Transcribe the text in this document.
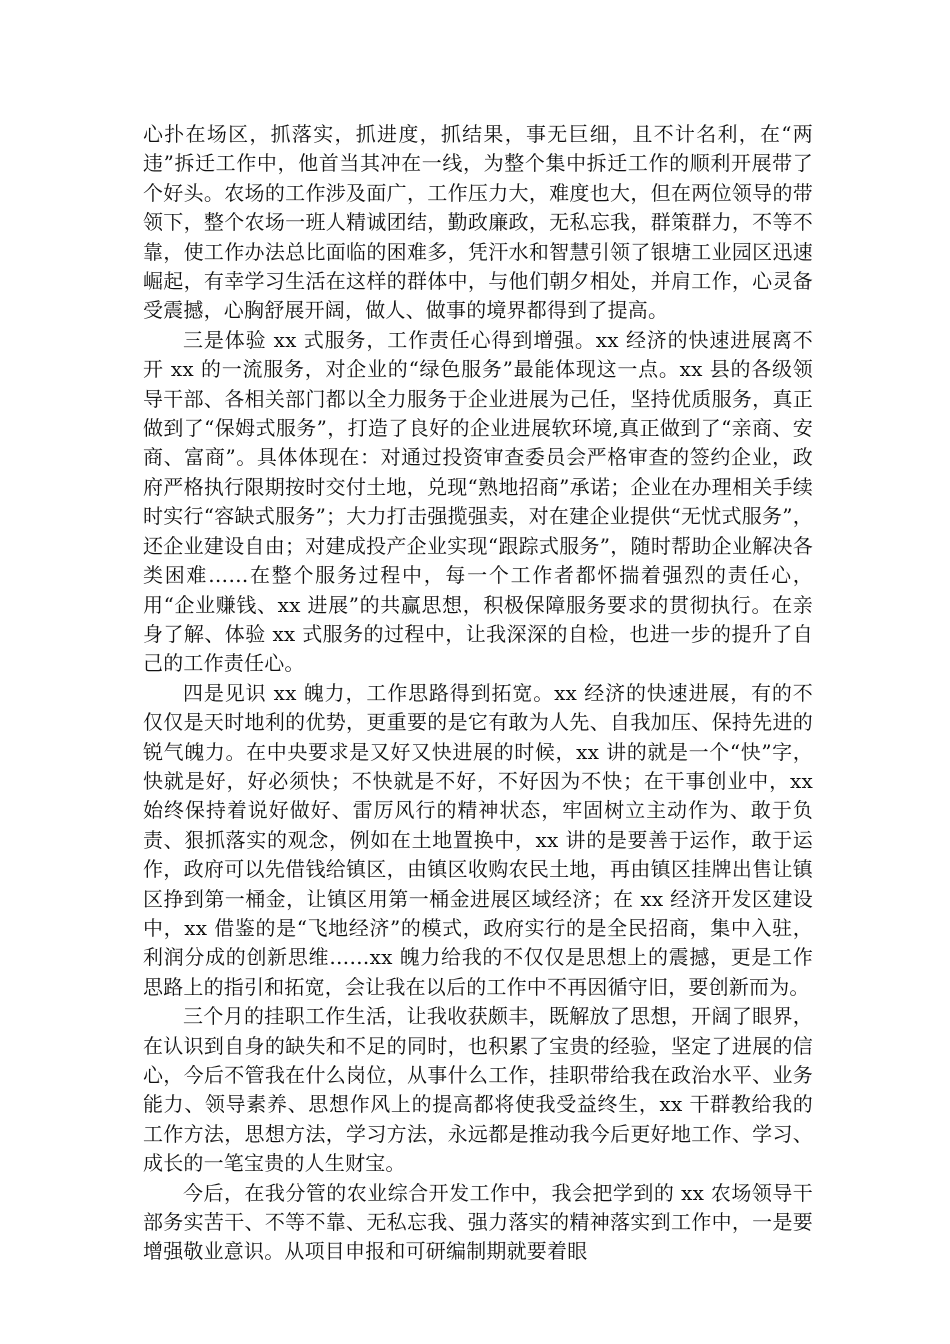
心扑在场区，抓落实，抓进度，抓结果，事无巨细，且不计名利，在“两违”拆迁工作中，他首当其冲在一线，为整个集中拆迁工作的顺利开展带了个好头。农场的工作涉及面广，工作压力大，难度也大，但在两位领导的带领下，整个农场一班人精诚团结，勤政廉政，无私忘我，群策群力，不等不靠，使工作办法总比面临的困难多，凭汗水和智慧引领了银塘工业园区迅速崛起，有幸学习生活在这样的群体中，与他们朝夕相处，并肩工作，心灵备受震撼，心胸舒展开阔，做人、做事的境界都得到了提高。

三是体验 xx 式服务，工作责任心得到增强。xx 经济的快速进展离不开 xx 的一流服务，对企业的“绿色服务”最能体现这一点。xx 县的各级领导干部、各相关部门都以全力服务于企业进展为己任，坚持优质服务，真正做到了“保姆式服务”，打造了良好的企业进展软环境,真正做到了“亲商、安商、富商”。具体体现在：对通过投资审查委员会严格审查的签约企业，政府严格执行限期按时交付土地，兑现“熟地招商”承诺；企业在办理相关手续时实行“容缺式服务”；大力打击强揽强卖，对在建企业提供“无忧式服务”，还企业建设自由；对建成投产企业实现“跟踪式服务”，随时帮助企业解决各类困难……在整个服务过程中，每一个工作者都怀揣着强烈的责任心，用“企业赚钱、xx 进展”的共赢思想，积极保障服务要求的贯彻执行。在亲身了解、体验 xx 式服务的过程中，让我深深的自检，也进一步的提升了自己的工作责任心。

四是见识 xx 魄力，工作思路得到拓宽。xx 经济的快速进展，有的不仅仅是天时地利的优势，更重要的是它有敢为人先、自我加压、保持先进的锐气魄力。在中央要求是又好又快进展的时候，xx 讲的就是一个“快”字，快就是好，好必须快；不快就是不好，不好因为不快；在干事创业中，xx 始终保持着说好做好、雷厉风行的精神状态，牢固树立主动作为、敢于负责、狠抓落实的观念，例如在土地置换中，xx 讲的是要善于运作，敢于运作，政府可以先借钱给镇区，由镇区收购农民土地，再由镇区挂牌出售让镇区挣到第一桶金，让镇区用第一桶金进展区域经济；在 xx 经济开发区建设中，xx 借鉴的是“飞地经济”的模式，政府实行的是全民招商，集中入驻，利润分成的创新思维……xx 魄力给我的不仅仅是思想上的震撼，更是工作思路上的指引和拓宽，会让我在以后的工作中不再因循守旧，要创新而为。

三个月的挂职工作生活，让我收获颇丰，既解放了思想，开阔了眼界，在认识到自身的缺失和不足的同时，也积累了宝贵的经验，坚定了进展的信心，今后不管我在什么岗位，从事什么工作，挂职带给我在政治水平、业务能力、领导素养、思想作风上的提高都将使我受益终生，xx 干群教给我的工作方法，思想方法，学习方法，永远都是推动我今后更好地工作、学习、成长的一笔宝贵的人生财宝。

今后，在我分管的农业综合开发工作中，我会把学到的 xx 农场领导干部务实苦干、不等不靠、无私忘我、强力落实的精神落实到工作中，一是要增强敬业意识。从项目申报和可研编制期就要着眼
